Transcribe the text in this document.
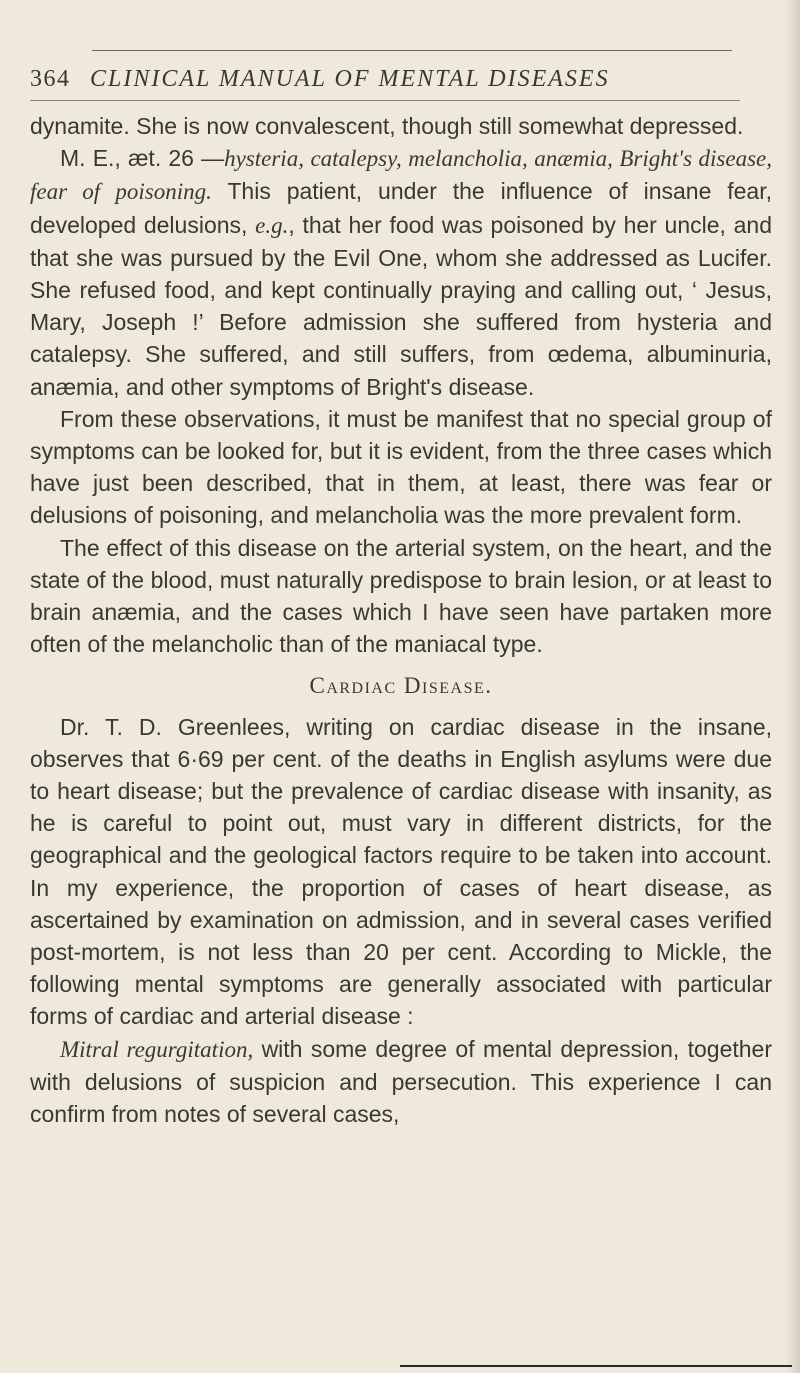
364 CLINICAL MANUAL OF MENTAL DISEASES

dynamite. She is now convalescent, though still somewhat depressed.

M. E., æt. 26 —hysteria, catalepsy, melancholia, anæmia, Bright's disease, fear of poisoning. This patient, under the influence of insane fear, developed delusions, e.g., that her food was poisoned by her uncle, and that she was pursued by the Evil One, whom she addressed as Lucifer. She refused food, and kept continually praying and calling out, ‘ Jesus, Mary, Joseph !’ Before admission she suffered from hysteria and catalepsy. She suffered, and still suffers, from œdema, albuminuria, anæmia, and other symptoms of Bright's disease.

From these observations, it must be manifest that no special group of symptoms can be looked for, but it is evident, from the three cases which have just been described, that in them, at least, there was fear or delusions of poisoning, and melancholia was the more prevalent form.

The effect of this disease on the arterial system, on the heart, and the state of the blood, must naturally predispose to brain lesion, or at least to brain anæmia, and the cases which I have seen have partaken more often of the melancholic than of the maniacal type.

Cardiac Disease.

Dr. T. D. Greenlees, writing on cardiac disease in the insane, observes that 6·69 per cent. of the deaths in English asylums were due to heart disease; but the prevalence of cardiac disease with insanity, as he is careful to point out, must vary in different districts, for the geographical and the geological factors require to be taken into account. In my experience, the proportion of cases of heart disease, as ascertained by examination on admission, and in several cases verified post-mortem, is not less than 20 per cent. According to Mickle, the following mental symptoms are generally associated with particular forms of cardiac and arterial disease :

Mitral regurgitation, with some degree of mental depression, together with delusions of suspicion and persecution. This experience I can confirm from notes of several cases,
